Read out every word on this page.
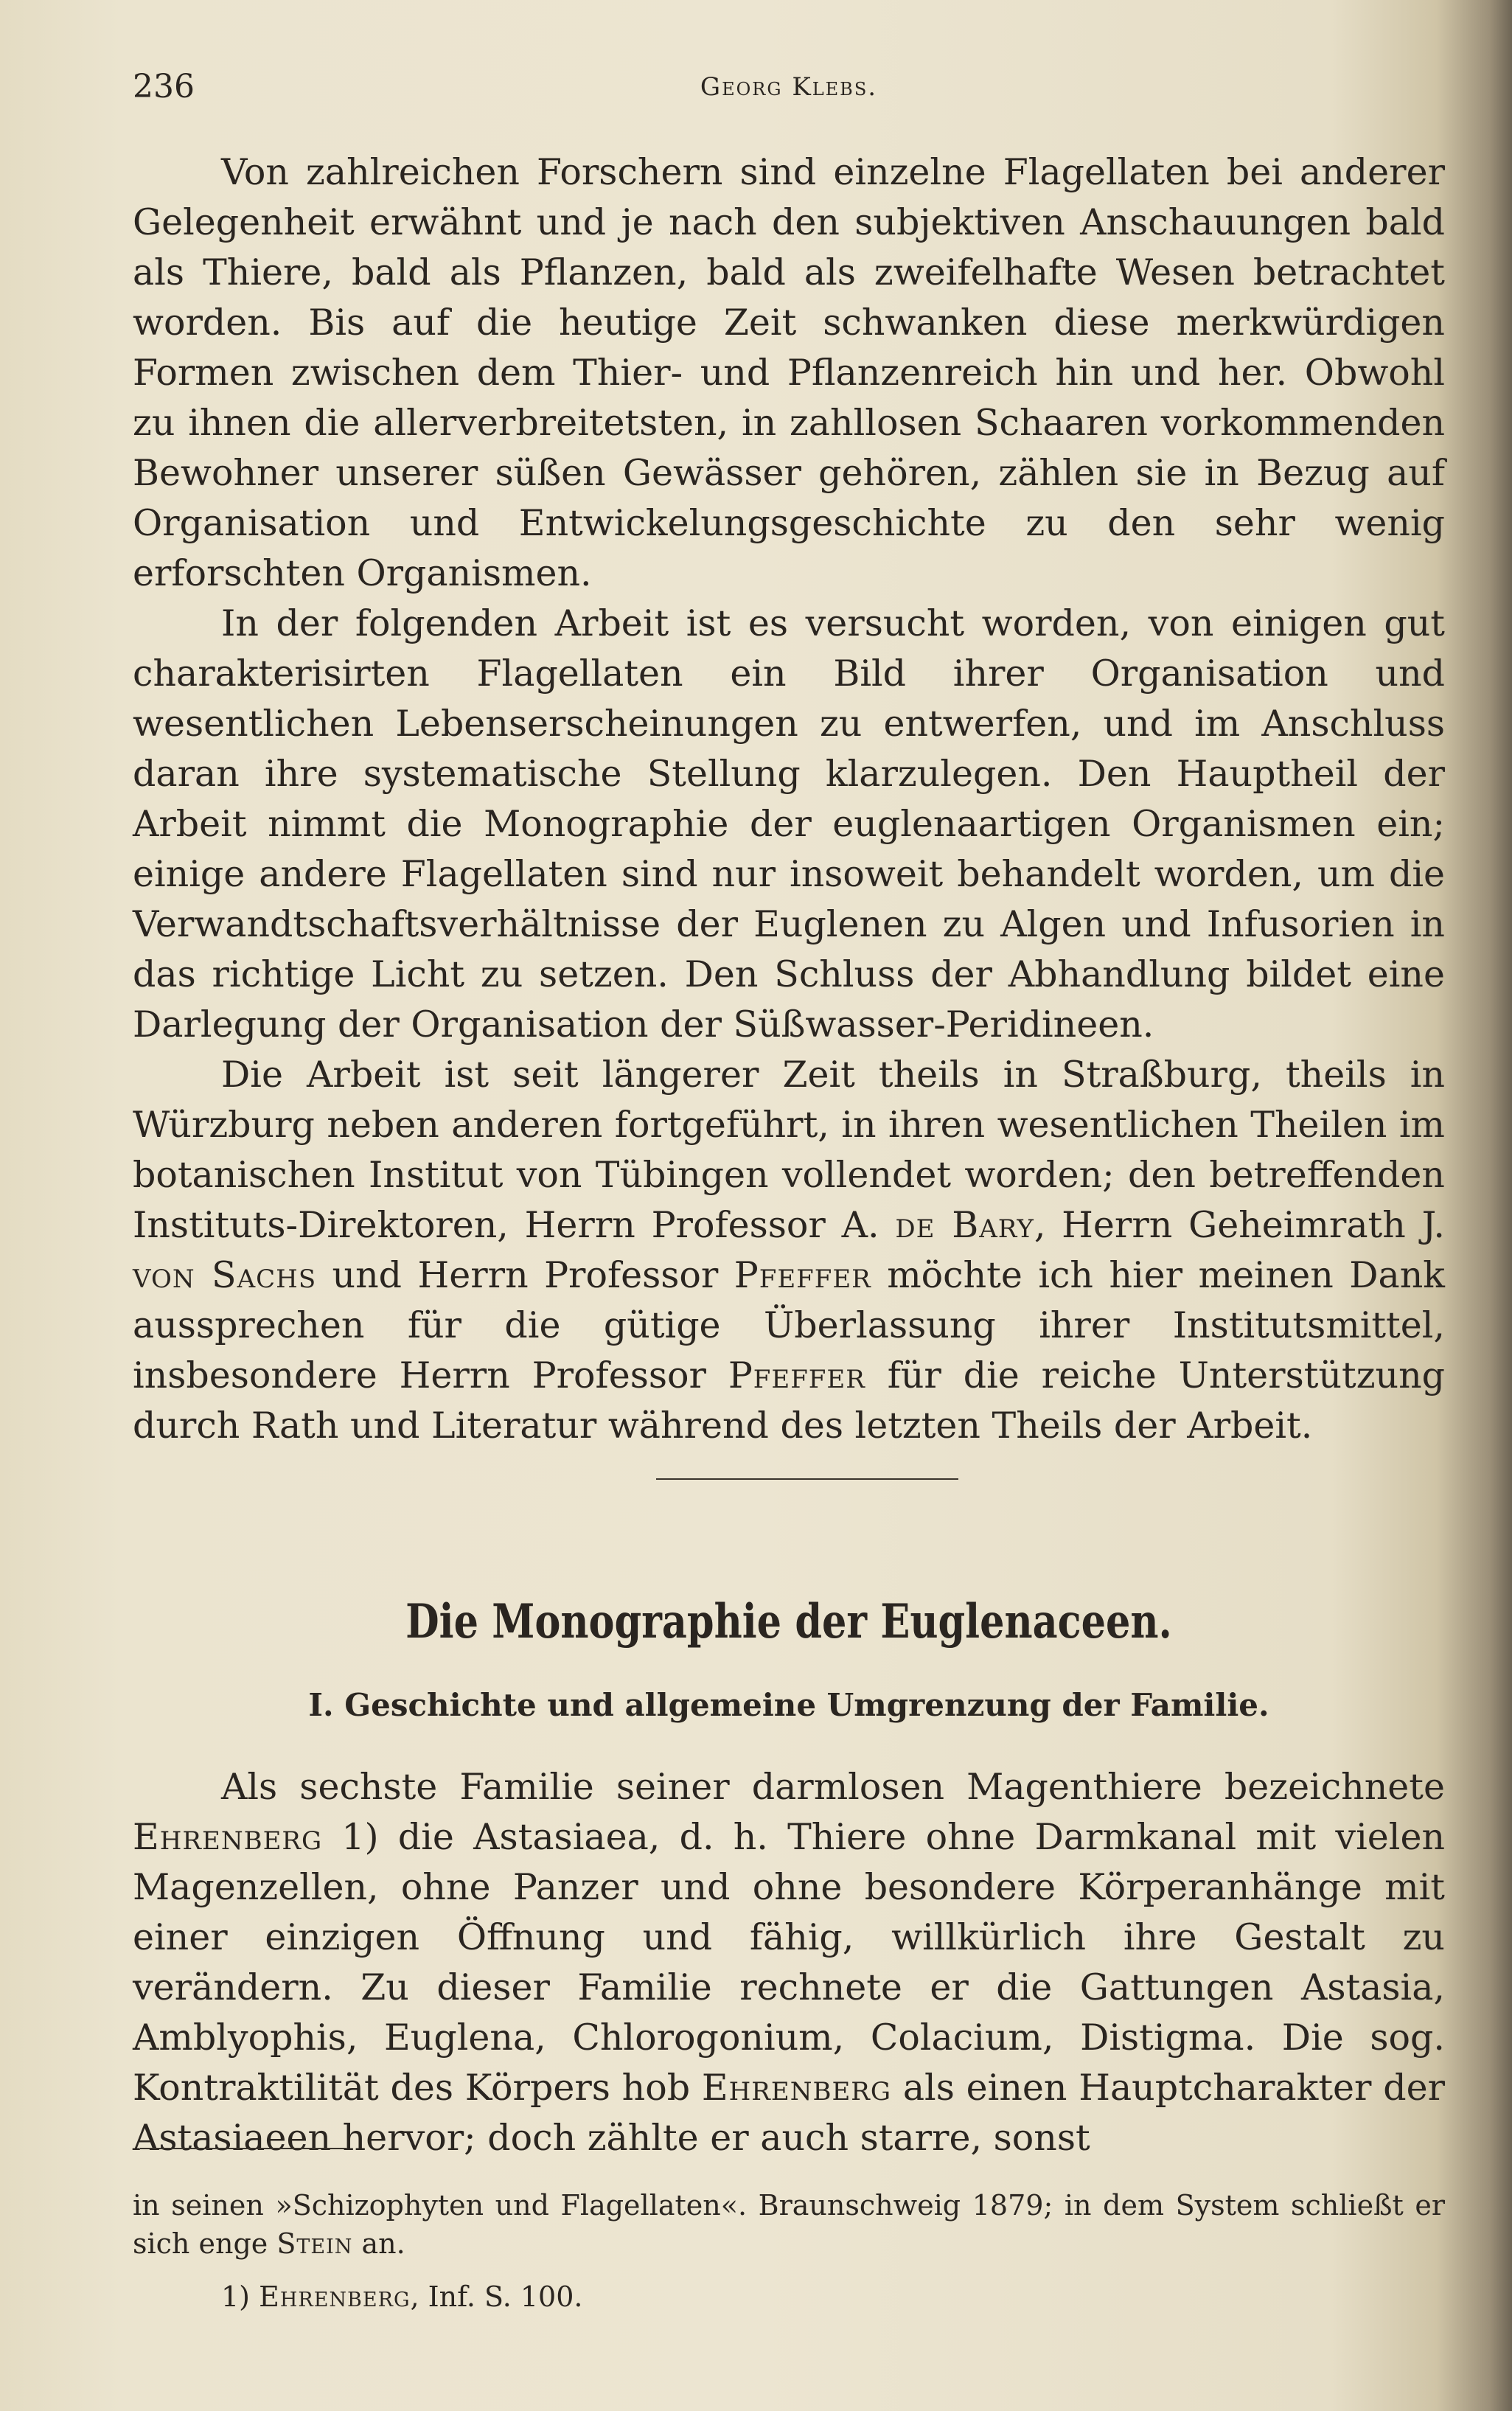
236	Georg Klebs.

Von zahlreichen Forschern sind einzelne Flagellaten bei anderer Gelegenheit erwähnt und je nach den subjektiven Anschauungen bald als Thiere, bald als Pflanzen, bald als zweifelhafte Wesen betrachtet worden. Bis auf die heutige Zeit schwanken diese merkwürdigen Formen zwischen dem Thier- und Pflanzenreich hin und her. Obwohl zu ihnen die allerverbreitetsten, in zahllosen Schaaren vorkommenden Bewohner unserer süßen Gewässer gehören, zählen sie in Bezug auf Organisation und Entwickelungsgeschichte zu den sehr wenig erforschten Organismen.

In der folgenden Arbeit ist es versucht worden, von einigen gut charakterisirten Flagellaten ein Bild ihrer Organisation und wesentlichen Lebenserscheinungen zu entwerfen, und im Anschluss daran ihre systematische Stellung klarzulegen. Den Hauptheil der Arbeit nimmt die Monographie der euglenaartigen Organismen ein; einige andere Flagellaten sind nur insoweit behandelt worden, um die Verwandtschaftsverhältnisse der Euglenen zu Algen und Infusorien in das richtige Licht zu setzen. Den Schluss der Abhandlung bildet eine Darlegung der Organisation der Süßwasser-Peridineen.

Die Arbeit ist seit längerer Zeit theils in Straßburg, theils in Würzburg neben anderen fortgeführt, in ihren wesentlichen Theilen im botanischen Institut von Tübingen vollendet worden; den betreffenden Instituts-Direktoren, Herrn Professor A. de Bary, Herrn Geheimrath J. von Sachs und Herrn Professor Pfeffer möchte ich hier meinen Dank aussprechen für die gütige Überlassung ihrer Institutsmittel, insbesondere Herrn Professor Pfeffer für die reiche Unterstützung durch Rath und Literatur während des letzten Theils der Arbeit.

Die Monographie der Euglenaceen.
I. Geschichte und allgemeine Umgrenzung der Familie.

Als sechste Familie seiner darmlosen Magenthiere bezeichnete Ehrenberg 1) die Astasiaea, d. h. Thiere ohne Darmkanal mit vielen Magenzellen, ohne Panzer und ohne besondere Körperanhänge mit einer einzigen Öffnung und fähig, willkürlich ihre Gestalt zu verändern. Zu dieser Familie rechnete er die Gattungen Astasia, Amblyophis, Euglena, Chlorogonium, Colacium, Distigma. Die sog. Kontraktilität des Körpers hob Ehrenberg als einen Hauptcharakter der Astasiaeen hervor; doch zählte er auch starre, sonst

in seinen »Schizophyten und Flagellaten«. Braunschweig 1879; in dem System schließt er sich enge Stein an.

1) Ehrenberg, Inf. S. 100.
